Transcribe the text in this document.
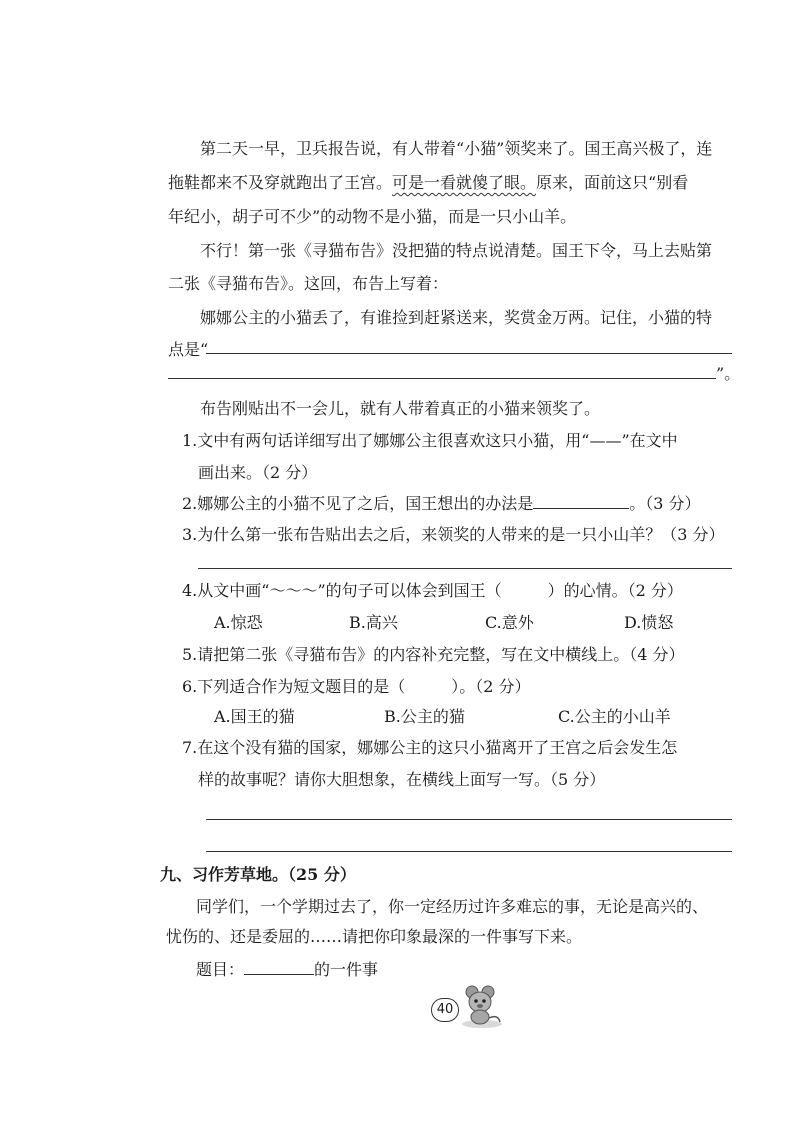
第二天一早，卫兵报告说，有人带着“小猫”领奖来了。国王高兴极了，连
拖鞋都来不及穿就跑出了王宫。可是一看就傻了眼。原来，面前这只“别看
年纪小，胡子可不少”的动物不是小猫，而是一只小山羊。
不行！第一张《寻猫布告》没把猫的特点说清楚。国王下令，马上去贴第
二张《寻猫布告》。这回，布告上写着：
娜娜公主的小猫丢了，有谁捡到赶紧送来，奖赏金万两。记住，小猫的特
点是“
”。
布告刚贴出不一会儿，就有人带着真正的小猫来领奖了。
1.文中有两句话详细写出了娜娜公主很喜欢这只小猫，用“——”在文中
画出来。（2 分）
2.娜娜公主的小猫不见了之后，国王想出的办法是	。（3 分）
3.为什么第一张布告贴出去之后，来领奖的人带来的是一只小山羊？（3 分）
4.从文中画“～～～”的句子可以体会到国王（	）的心情。（2 分）
A.惊恐	B.高兴	C.意外	D.愤怒
5.请把第二张《寻猫布告》的内容补充完整，写在文中横线上。（4 分）
6.下列适合作为短文题目的是（	）。（2 分）
A.国王的猫	B.公主的猫	C.公主的小山羊
7.在这个没有猫的国家，娜娜公主的这只小猫离开了王宫之后会发生怎
样的故事呢？请你大胆想象，在横线上面写一写。（5 分）
九、习作芳草地。（25 分）
同学们，一个学期过去了，你一定经历过许多难忘的事，无论是高兴的、
忧伤的、还是委屈的……请把你印象最深的一件事写下来。
题目：	的一件事
40
